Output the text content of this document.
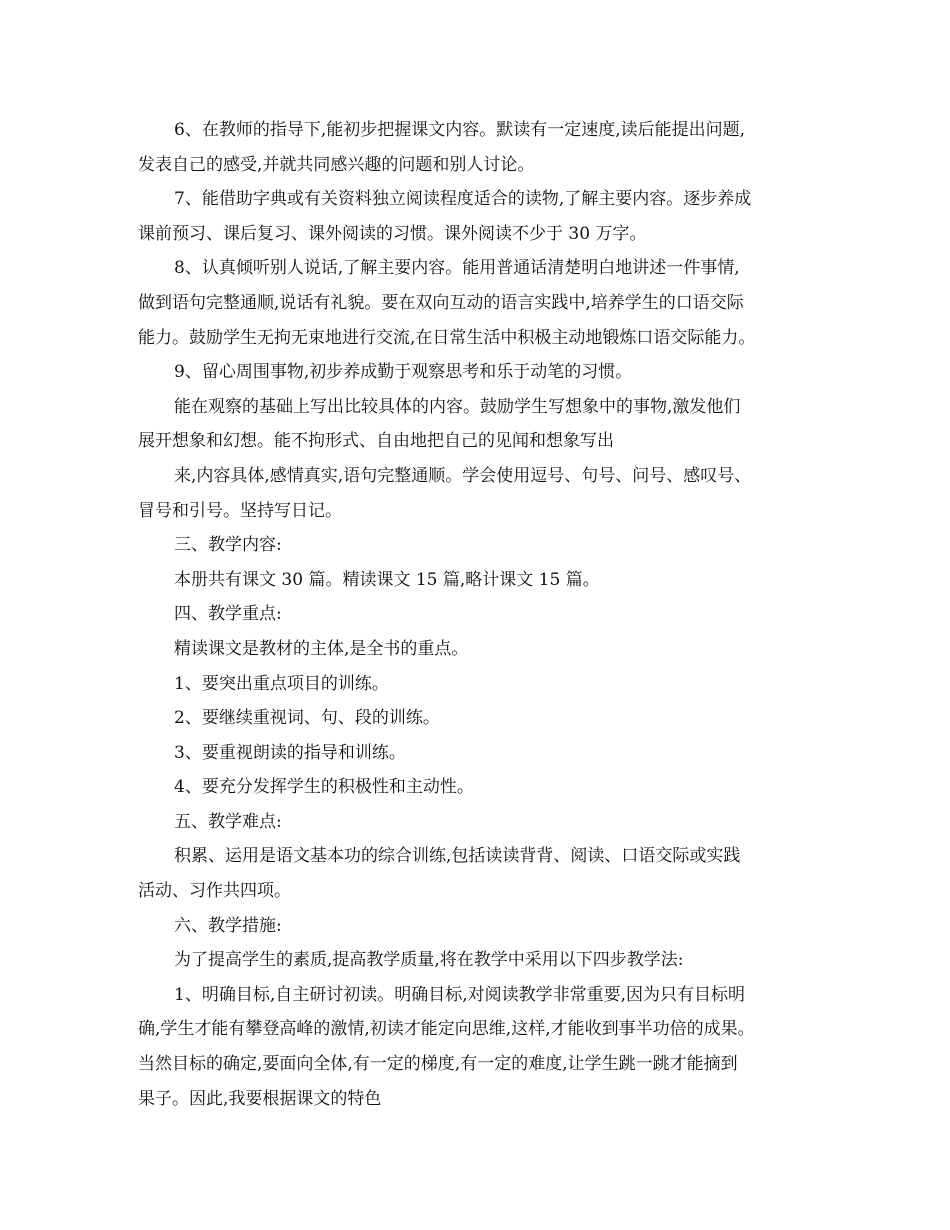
6、在教师的指导下,能初步把握课文内容。默读有一定速度,读后能提出问题,
发表自己的感受,并就共同感兴趣的问题和别人讨论。
7、能借助字典或有关资料独立阅读程度适合的读物,了解主要内容。逐步养成
课前预习、课后复习、课外阅读的习惯。课外阅读不少于 30 万字。
8、认真倾听别人说话,了解主要内容。能用普通话清楚明白地讲述一件事情,
做到语句完整通顺,说话有礼貌。要在双向互动的语言实践中,培养学生的口语交际
能力。鼓励学生无拘无束地进行交流,在日常生活中积极主动地锻炼口语交际能力。
9、留心周围事物,初步养成勤于观察思考和乐于动笔的习惯。
能在观察的基础上写出比较具体的内容。鼓励学生写想象中的事物,激发他们
展开想象和幻想。能不拘形式、自由地把自己的见闻和想象写出
来,内容具体,感情真实,语句完整通顺。学会使用逗号、句号、问号、感叹号、
冒号和引号。坚持写日记。
三、教学内容:
本册共有课文 30 篇。精读课文 15 篇,略计课文 15 篇。
四、教学重点:
精读课文是教材的主体,是全书的重点。
1、要突出重点项目的训练。
2、要继续重视词、句、段的训练。
3、要重视朗读的指导和训练。
4、要充分发挥学生的积极性和主动性。
五、教学难点:
积累、运用是语文基本功的综合训练,包括读读背背、阅读、口语交际或实践
活动、习作共四项。
六、教学措施:
为了提高学生的素质,提高教学质量,将在教学中采用以下四步教学法:
1、明确目标,自主研讨初读。明确目标,对阅读教学非常重要,因为只有目标明
确,学生才能有攀登高峰的激情,初读才能定向思维,这样,才能收到事半功倍的成果。
当然目标的确定,要面向全体,有一定的梯度,有一定的难度,让学生跳一跳才能摘到
果子。因此,我要根据课文的特色
